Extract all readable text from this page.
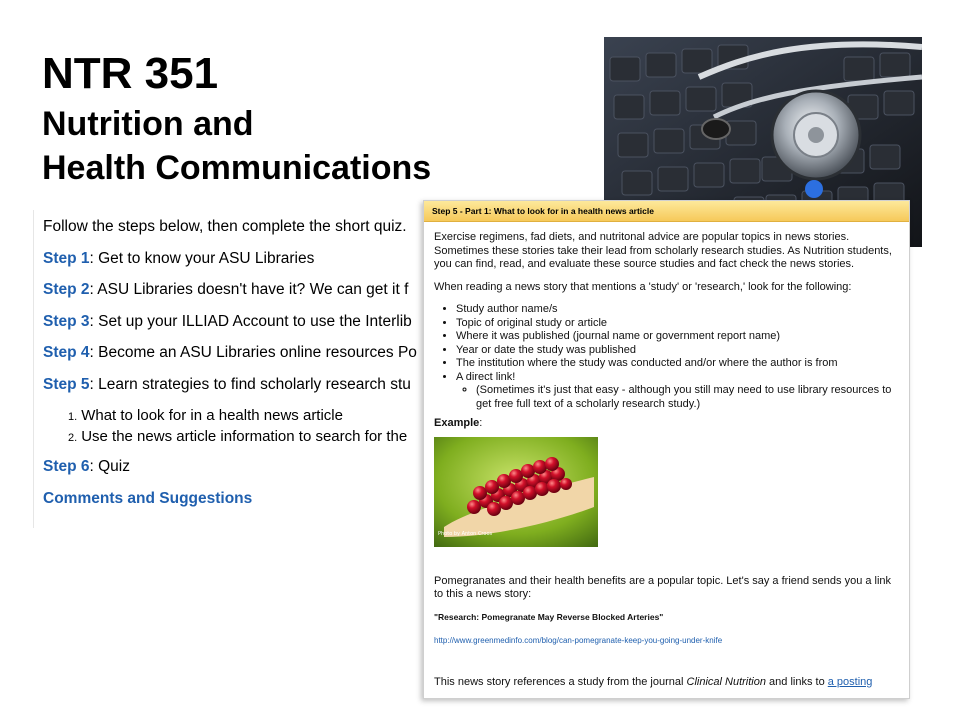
NTR 351
Nutrition and
Health Communications
Follow the steps below, then complete the short quiz.
Step 1: Get to know your ASU Libraries
Step 2: ASU Libraries doesn't have it? We can get it f
Step 3: Set up your ILLIAD Account to use the Interlib
Step 4: Become an ASU Libraries online resources Po
Step 5: Learn strategies to find scholarly research stu
1. What to look for in a health news article
2. Use the news article information to search for the
Step 6: Quiz
Comments and Suggestions
Step 5 - Part 1: What to look for in a health news article

Exercise regimens, fad diets, and nutritonal advice are popular topics in news stories. Sometimes these stories take their lead from scholarly research studies. As Nutrition students, you can find, read, and evaluate these source studies and fact check the news stories.

When reading a news story that mentions a 'study' or 'research,' look for the following:

• Study author name/s
• Topic of original study or article
• Where it was published (journal name or government report name)
• Year or date the study was published
• The institution where the study was conducted and/or where the author is from
• A direct link!
◦ (Sometimes it's just that easy - although you still may need to use library resources to get free full text of a scholarly research study.)
Example:
Photo by Anton Croos

Pomegranates and their health benefits are a popular topic. Let's say a friend sends you a link to this a news story:

"Research: Pomegranate May Reverse Blocked Arteries"

http://www.greenmedinfo.com/blog/can-pomegranate-keep-you-going-under-knife

This news story references a study from the journal Clinical Nutrition and links to a posting
